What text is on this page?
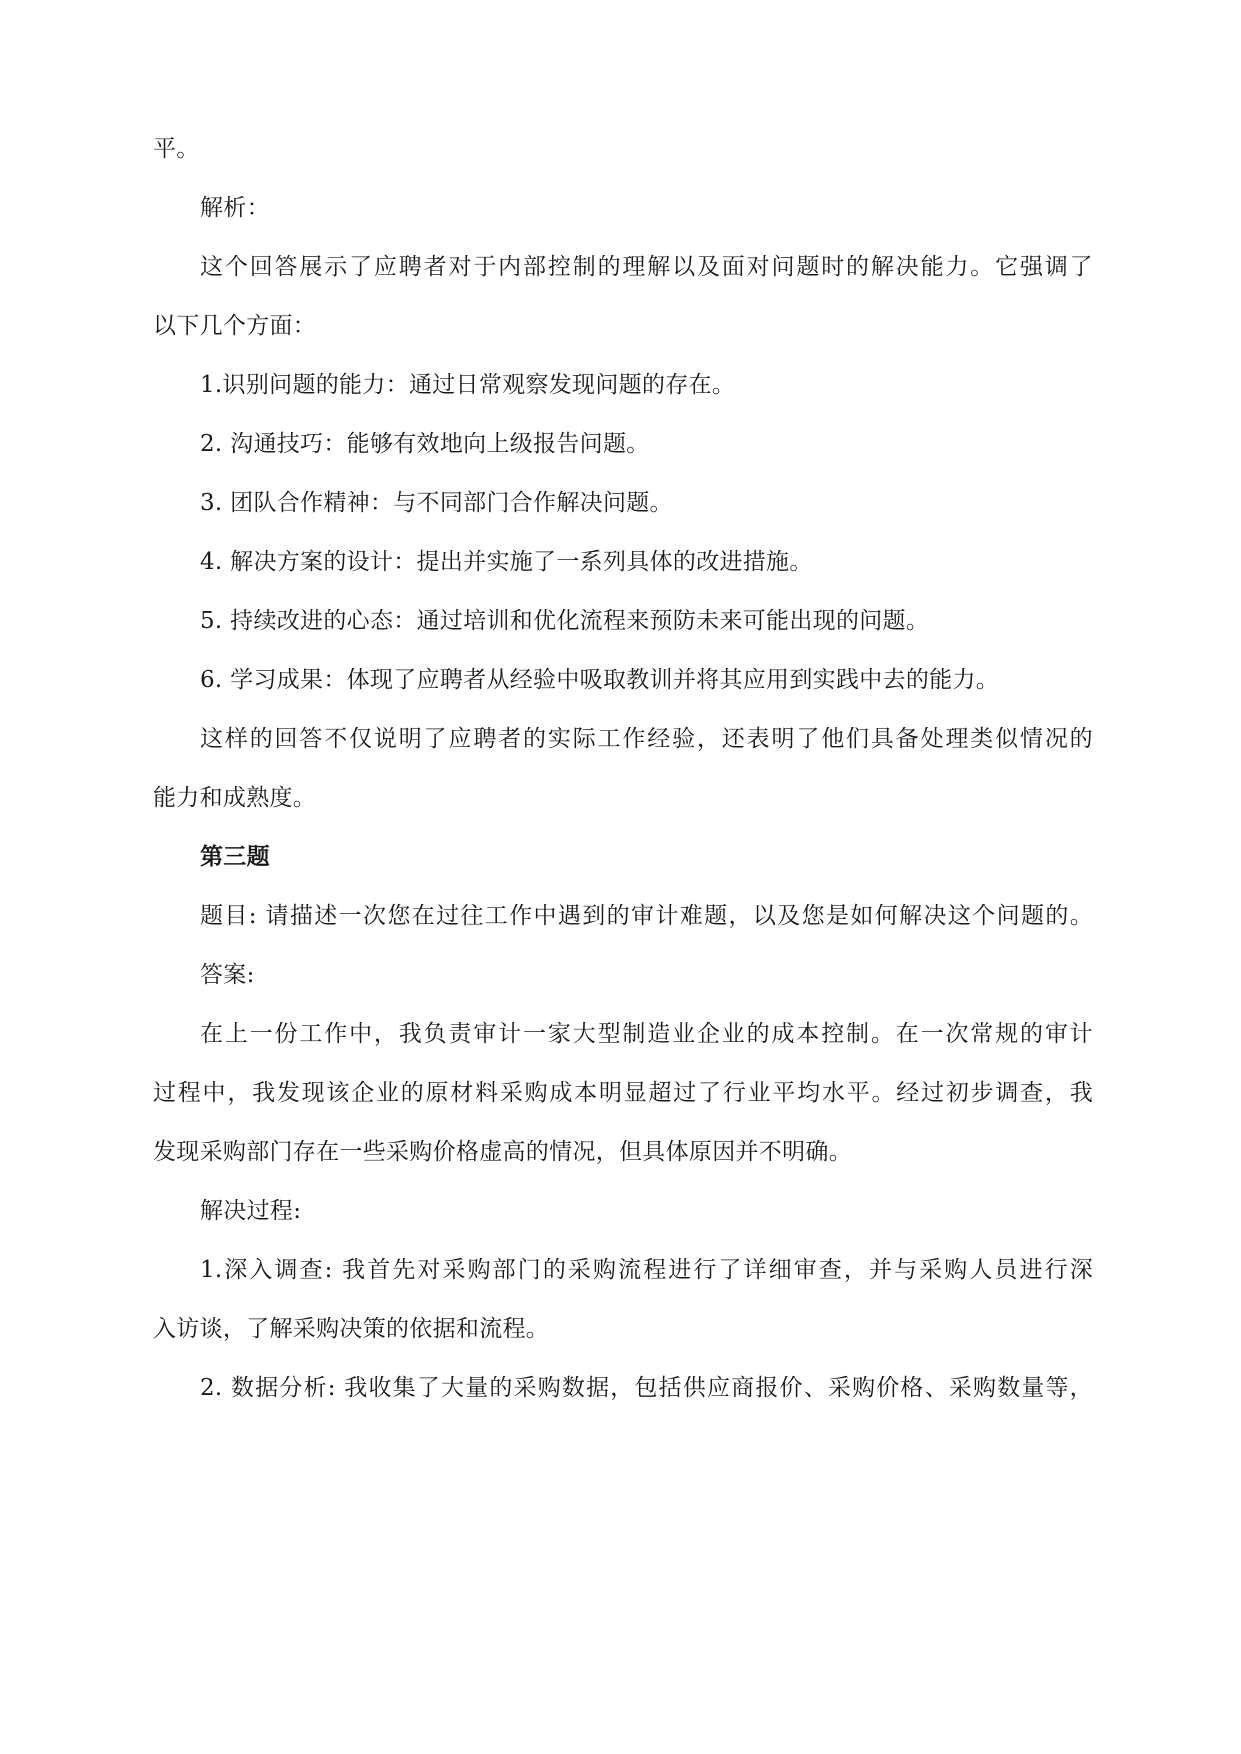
平。
解析：
这个回答展示了应聘者对于内部控制的理解以及面对问题时的解决能力。它强调了
以下几个方面：
1.识别问题的能力：通过日常观察发现问题的存在。
2. 沟通技巧：能够有效地向上级报告问题。
3. 团队合作精神：与不同部门合作解决问题。
4. 解决方案的设计：提出并实施了一系列具体的改进措施。
5. 持续改进的心态：通过培训和优化流程来预防未来可能出现的问题。
6. 学习成果：体现了应聘者从经验中吸取教训并将其应用到实践中去的能力。
这样的回答不仅说明了应聘者的实际工作经验，还表明了他们具备处理类似情况的
能力和成熟度。
第三题
题目: 请描述一次您在过往工作中遇到的审计难题，以及您是如何解决这个问题的。
答案:
在上一份工作中，我负责审计一家大型制造业企业的成本控制。在一次常规的审计
过程中，我发现该企业的原材料采购成本明显超过了行业平均水平。经过初步调查，我
发现采购部门存在一些采购价格虚高的情况，但具体原因并不明确。
解决过程:
1.深入调查: 我首先对采购部门的采购流程进行了详细审查，并与采购人员进行深
入访谈，了解采购决策的依据和流程。
2. 数据分析: 我收集了大量的采购数据，包括供应商报价、采购价格、采购数量等，
